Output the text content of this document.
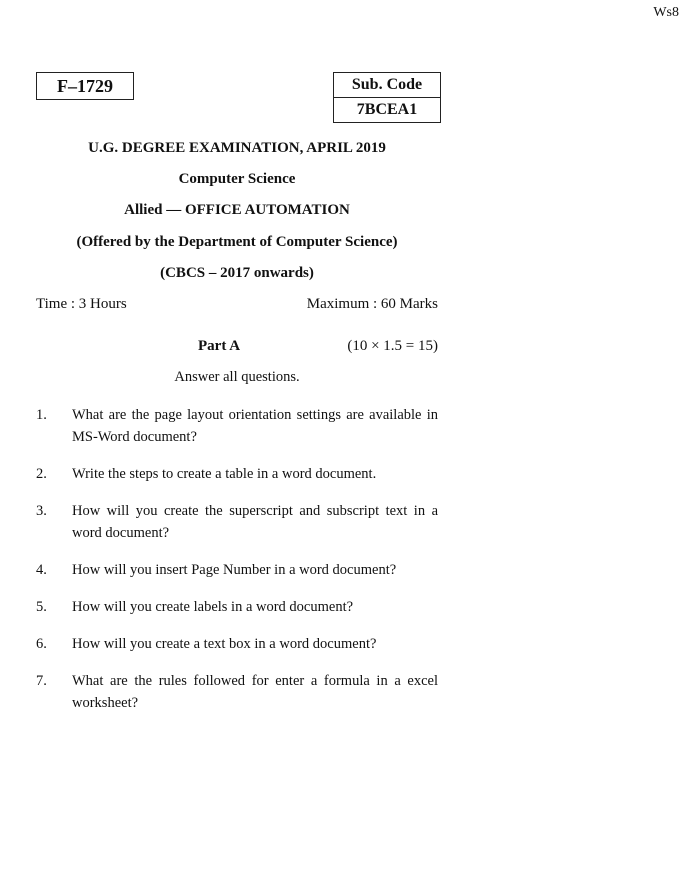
Ws8
F–1729	Sub. Code
7BCEA1
U.G. DEGREE EXAMINATION, APRIL 2019
Computer Science
Allied — OFFICE AUTOMATION
(Offered by the Department of Computer Science)
(CBCS – 2017 onwards)
Time : 3 Hours	Maximum : 60 Marks
Part A	(10 × 1.5 = 15)
Answer all questions.
1.	What are the page layout orientation settings are available in MS-Word document?
2.	Write the steps to create a table in a word document.
3.	How will you create the superscript and subscript text in a word document?
4.	How will you insert Page Number in a word document?
5.	How will you create labels in a word document?
6.	How will you create a text box in a word document?
7.	What are the rules followed for enter a formula in a excel worksheet?
